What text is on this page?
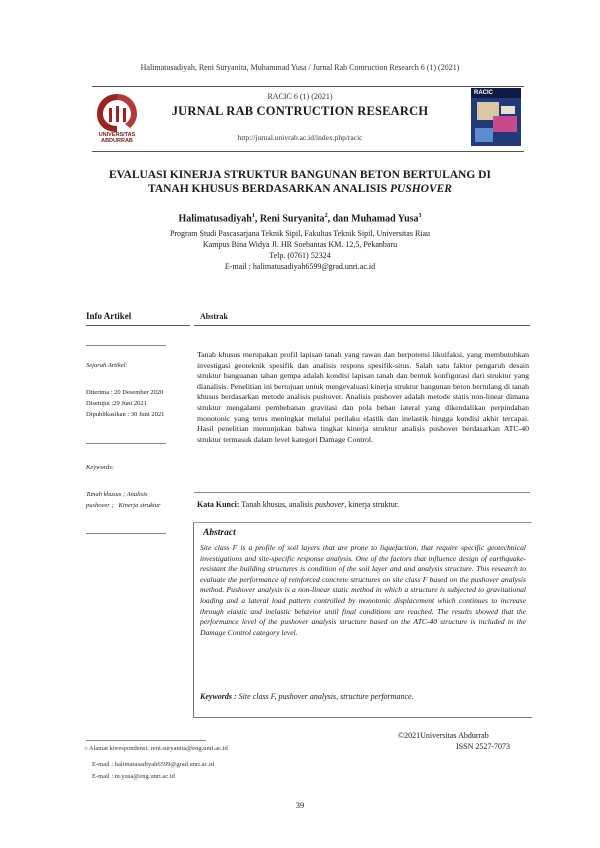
Halimatusadiyah, Reni Suryanita, Muhammad Yusa / Jurnal Rab Contruction Research 6 (1) (2021)
UNIVERSITAS
ABDURRAB
RACIC 6 (1) (2021)
JURNAL RAB CONTRUCTION RESEARCH
http://jurnal.univrab.ac.id/index.php/racic
RACIC
EVALUASI KINERJA STRUKTUR BANGUNAN BETON BERTULANG DI
TANAH KHUSUS BERDASARKAN ANALISIS PUSHOVER
Halimatusadiyah$^1$, Reni Suryanita$^2$, dan Muhamad Yusa$^3$
Program Studi Pascasarjana Teknik Sipil, Fakultas Teknik Sipil, Universitas Riau
Kampus Bina Widya Jl. HR Soebantas KM. 12,5, Pekanbaru
Telp. (0761) 52324
E-mail : halimatusadiyah6599@grad.unri.ac.id
Info Artikel	Abstrak
Sejarah Artikel:
Diterima : 20 Desember 2020
Disetujui :29 Juni 2021
Dipublikasikan : 30 Juni 2021
Keywords:
Tanah khusus ; Analisis
pushover ;   Kinerja struktur
Tanah khusus merupakan profil lapisan tanah yang rawan dan berpotensi likuifaksi, yang membutuhkan investigasi geoteknik spesifik dan analisis respons spesifik-situs. Salah satu faktor pengaruh desain struktur banguanan tahan gempa adalah kondisi lapisan tanah dan bentuk konfigurasi dari struktur yang dianalisis. Penelitian ini bertujuan untuk mengevaluasi kinerja struktur bangunan beton bertulang di tanah khusus berdasarkan metode analisis pushover. Analisis pushover adalah metode statis non-linear dimana struktur mengalami pembebanan gravitasi dan pola beban lateral yang dikendalikan perpindahan monotonic yang terus meningkat melalui perilaku elastik dan inelastik hingga kondisi akhir tercapai. Hasil penelitian menunjukan bahwa tingkat kinerja struktur analisis pushover berdasarkan ATC-40 struktur termasuk dalam level kategori Damage Control.
Kata Kunci: Tanah khusus, analisis pushover, kinerja struktur.
Abstract
Site class F is a profile of soil layers that are prone to liquefaction, that require specific geotechnical investigations and site-specific response analysis. One of the factors that influence design of earthquake-resistant the building structures is condition of the soil layer and and analysis structure. This research to evaluate the performance of reinforced concrete structures on site class F based on the pushover analysis method. Pushover analysis is a non-linear static method in which a structure is subjected to gravitational loading and a lateral load pattern controlled by monotonic displacement which continues to increase through elastic and inelastic behavior until final conditions are reached. The results showed that the performance level of the pushover analysis structure based on the ATC-40 structure is included in the Damage Control category level.
Keywords : Site class F, pushover analysis, structure performance.
©2021Universitas Abdurrab
ISSN 2527-7073
○ Alamat korespondensi: reni.suryanita@eng.unri.ac.id
E-mail : halimatusadiyah6599@grad.unri.ac.id
E-mail : m.yusa@eng.unri.ac.id
39
